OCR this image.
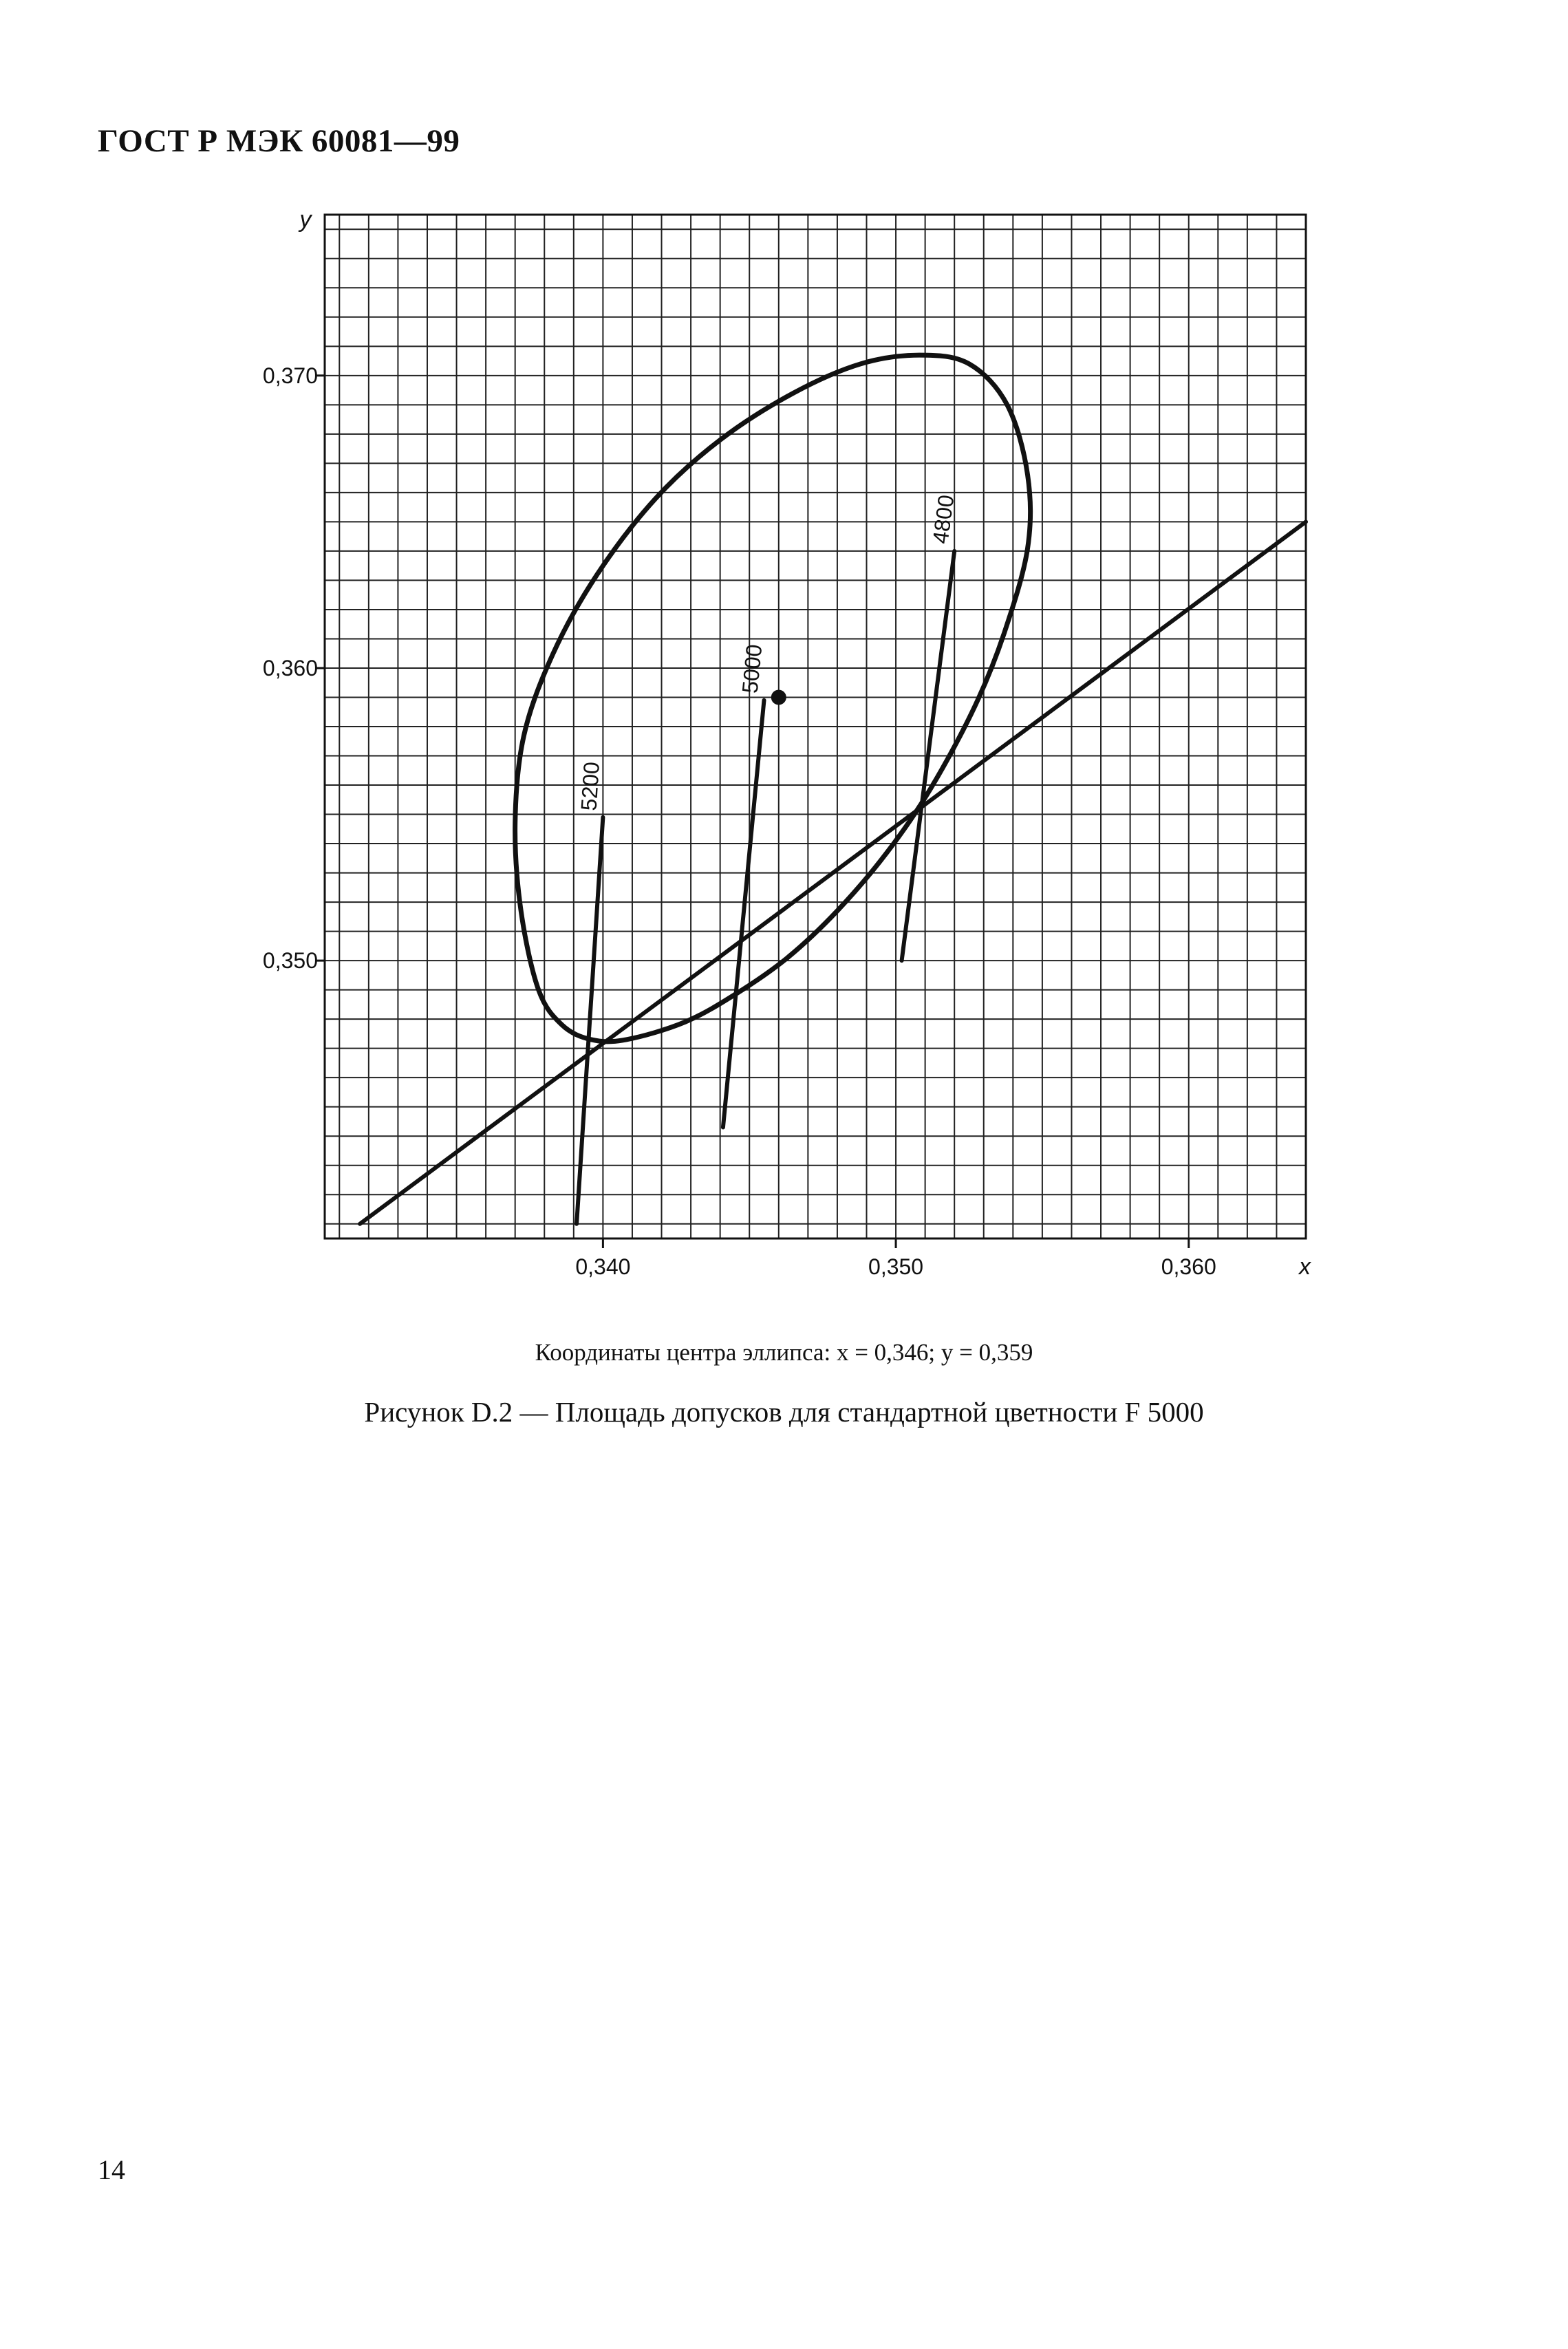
ГОСТ Р МЭК 60081—99
0,340	0,350	0,360
0,350
0,360
0,370
x
y
5200
5000
4800
Координаты центра эллипса: x = 0,346; y = 0,359
Рисунок D.2 — Площадь допусков для стандартной цветности F 5000
14
